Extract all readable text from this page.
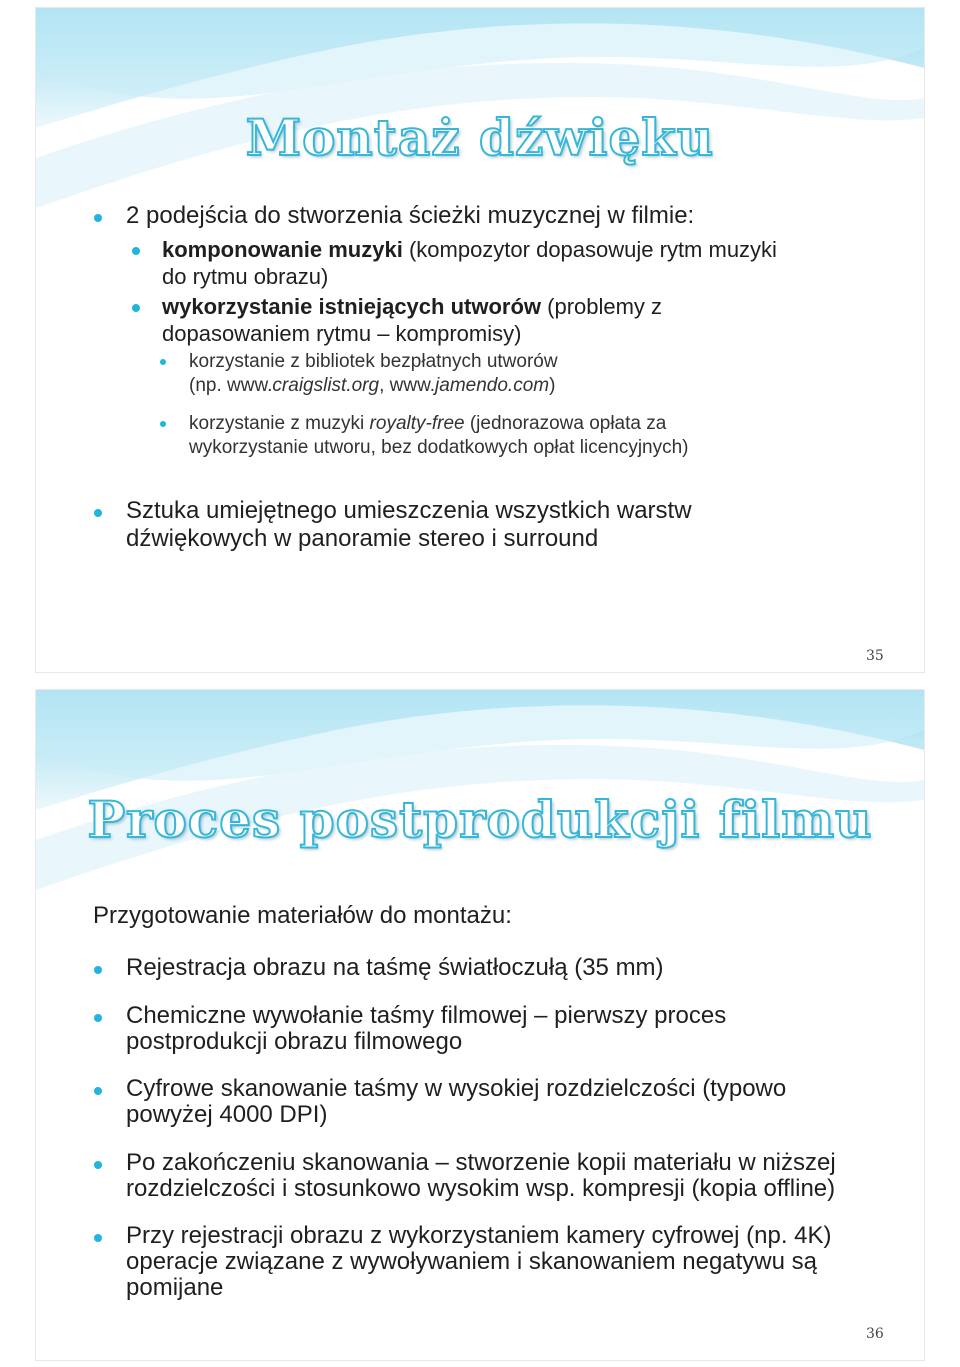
Montaż dźwięku
2 podejścia do stworzenia ścieżki muzycznej w filmie:
komponowanie muzyki (kompozytor dopasowuje rytm muzyki
do rytmu obrazu)
wykorzystanie istniejących utworów (problemy z
dopasowaniem rytmu – kompromisy)
korzystanie z bibliotek bezpłatnych utworów
(np. www.craigslist.org, www.jamendo.com)
korzystanie z muzyki royalty-free (jednorazowa opłata za
wykorzystanie utworu, bez dodatkowych opłat licencyjnych)
Sztuka umiejętnego umieszczenia wszystkich warstw
dźwiękowych w panoramie stereo i surround
35
Proces postprodukcji filmu
Przygotowanie materiałów do montażu:
36
Rejestracja obrazu na taśmę światłoczułą (35 mm)
Chemiczne wywołanie taśmy filmowej – pierwszy proces
postprodukcji obrazu filmowego
Cyfrowe skanowanie taśmy w wysokiej rozdzielczości (typowo
powyżej 4000 DPI)
Po zakończeniu skanowania – stworzenie kopii materiału w niższej
rozdzielczości i stosunkowo wysokim wsp. kompresji (kopia offline)
Przy rejestracji obrazu z wykorzystaniem kamery cyfrowej (np. 4K)
operacje związane z wywoływaniem i skanowaniem negatywu są
pomijane
